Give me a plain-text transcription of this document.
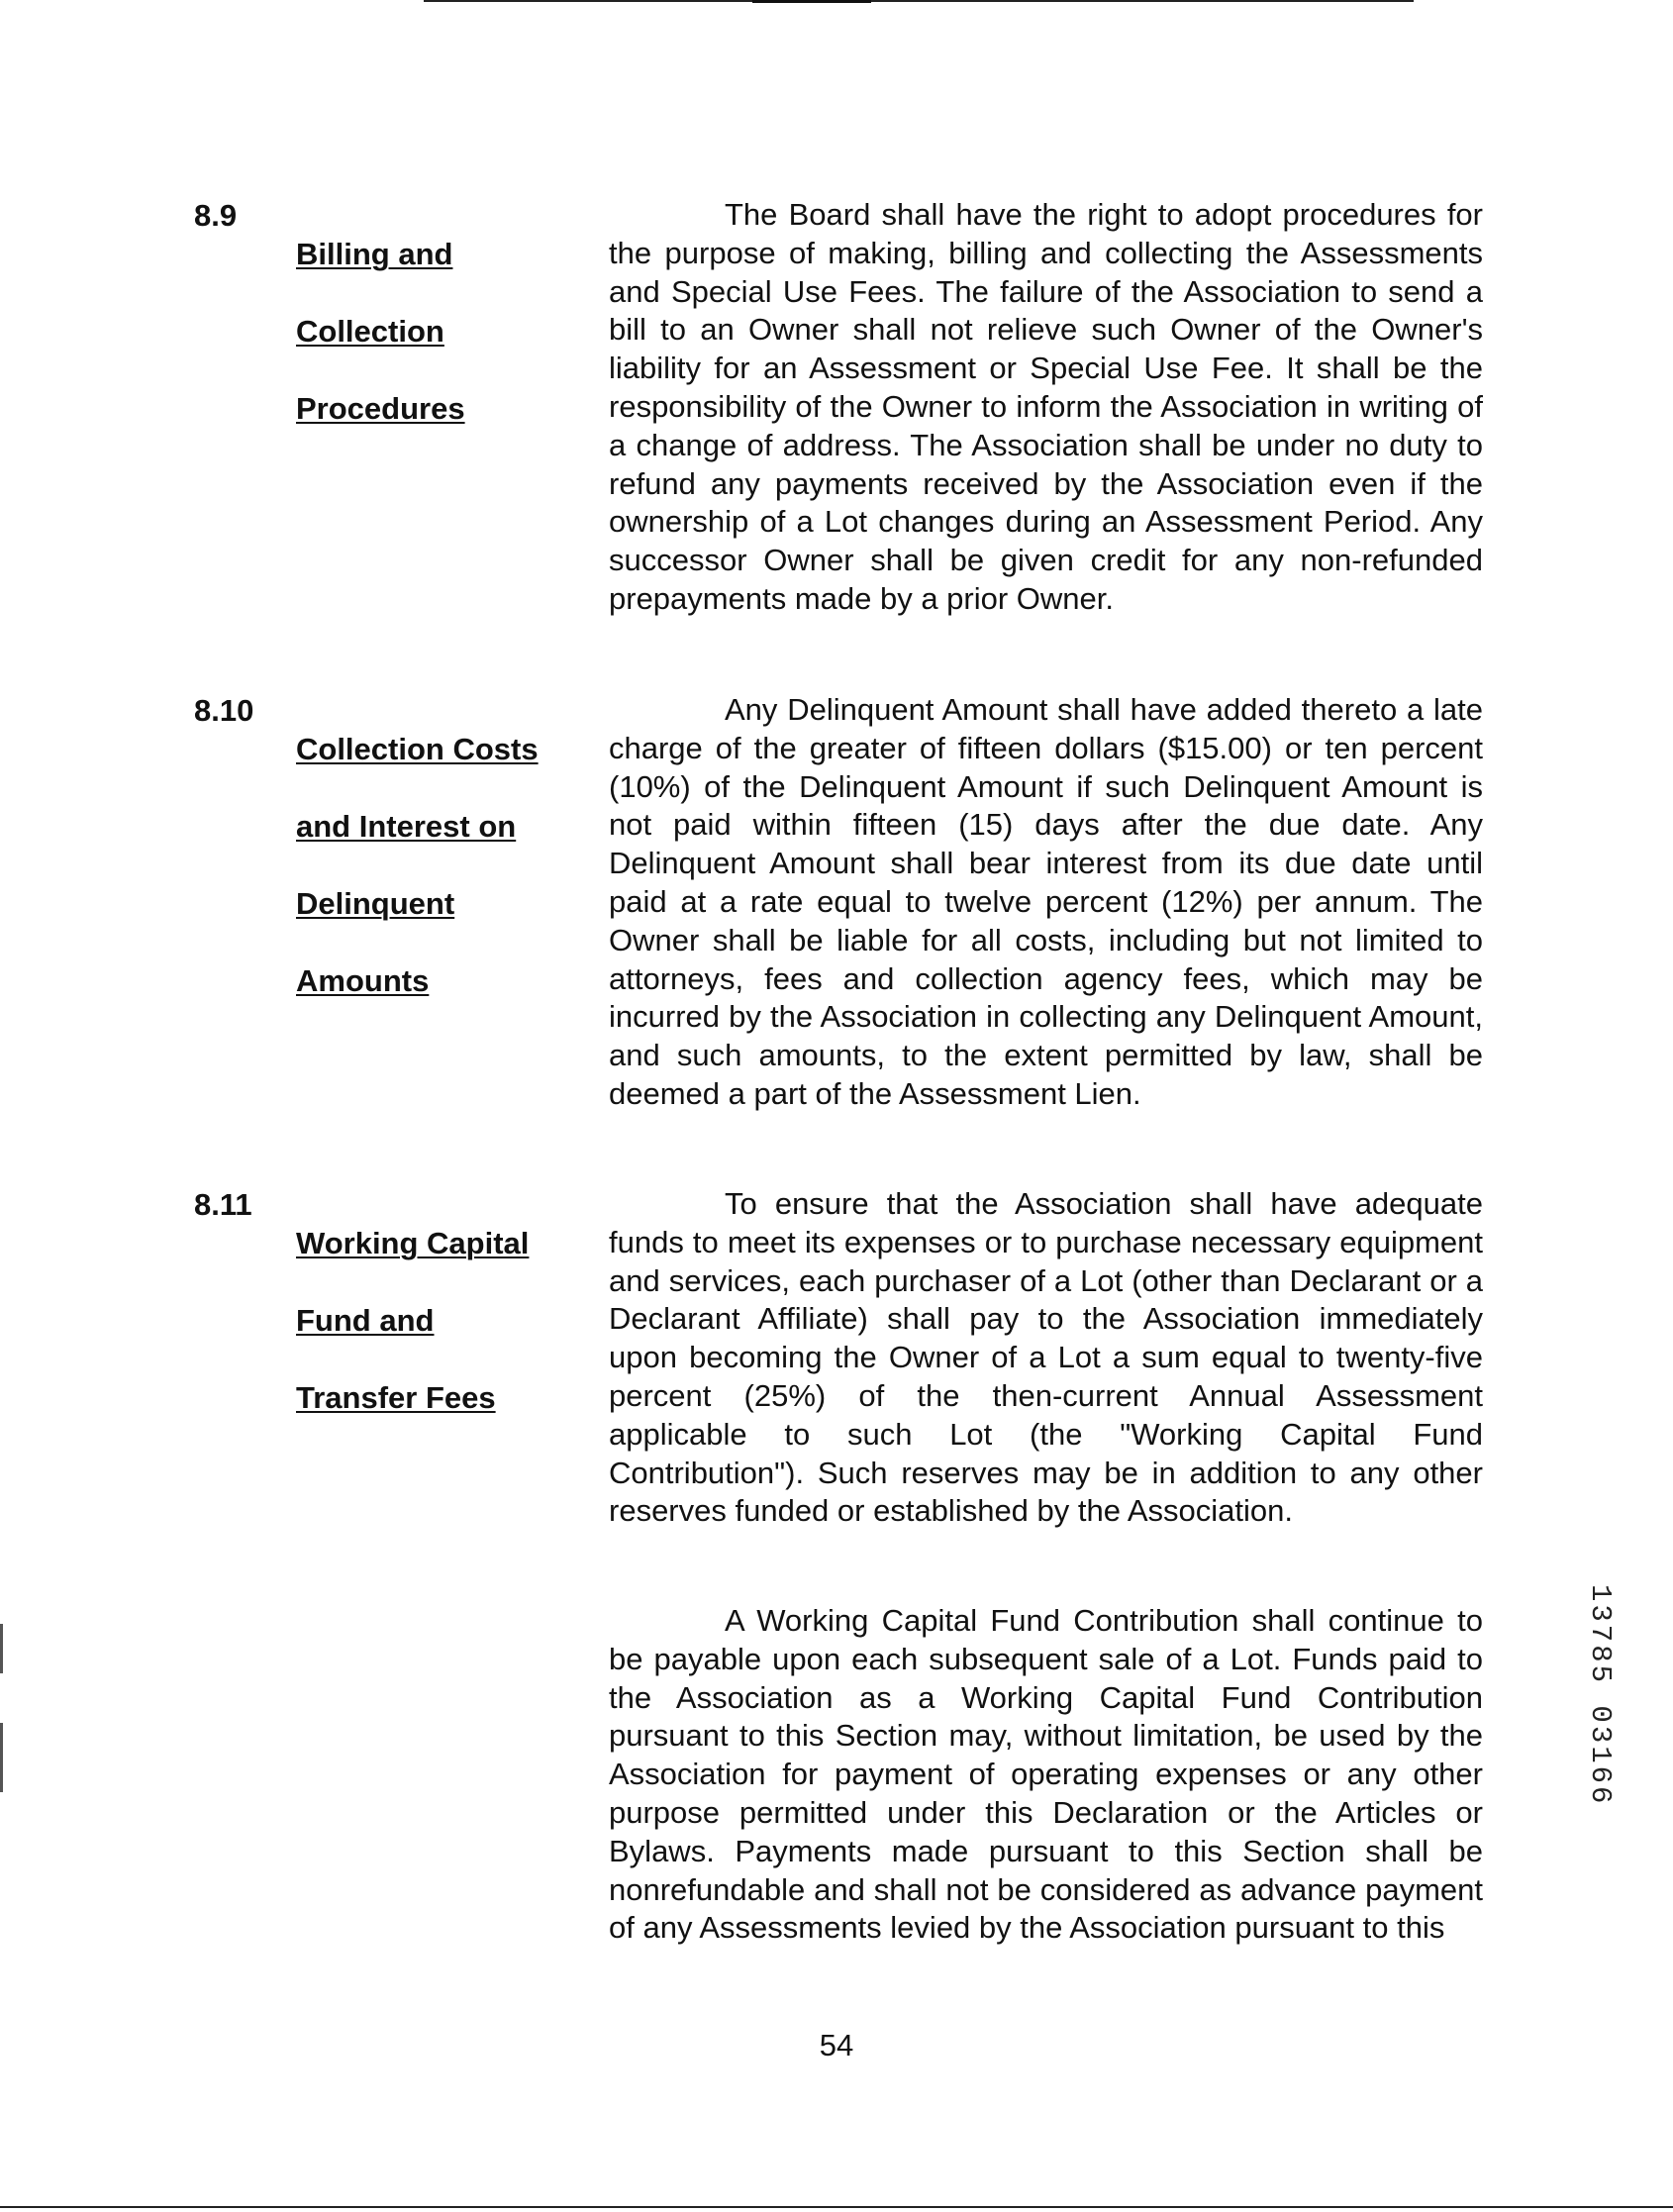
8.9

Billing and

Collection

Procedures

The Board shall have the right to adopt procedures for the purpose of making, billing and collecting the Assessments and Special Use Fees. The failure of the Association to send a bill to an Owner shall not relieve such Owner of the Owner's liability for an Assessment or Special Use Fee. It shall be the responsibility of the Owner to inform the Association in writing of a change of address. The Association shall be under no duty to refund any payments received by the Association even if the ownership of a Lot changes during an Assessment Period. Any successor Owner shall be given credit for any non-refunded prepayments made by a prior Owner.

8.10

Collection Costs

and Interest on

Delinquent

Amounts

Any Delinquent Amount shall have added thereto a late charge of the greater of fifteen dollars ($15.00) or ten percent (10%) of the Delinquent Amount if such Delinquent Amount is not paid within fifteen (15) days after the due date. Any Delinquent Amount shall bear interest from its due date until paid at a rate equal to twelve percent (12%) per annum. The Owner shall be liable for all costs, including but not limited to attorneys, fees and collection agency fees, which may be incurred by the Association in collecting any Delinquent Amount, and such amounts, to the extent permitted by law, shall be deemed a part of the Assessment Lien.

8.11

Working Capital

Fund and

Transfer Fees

To ensure that the Association shall have adequate funds to meet its expenses or to purchase necessary equipment and services, each purchaser of a Lot (other than Declarant or a Declarant Affiliate) shall pay to the Association immediately upon becoming the Owner of a Lot a sum equal to twenty-five percent (25%) of the then-current Annual Assessment applicable to such Lot (the "Working Capital Fund Contribution"). Such reserves may be in addition to any other reserves funded or established by the Association.

A Working Capital Fund Contribution shall continue to be payable upon each subsequent sale of a Lot. Funds paid to the Association as a Working Capital Fund Contribution pursuant to this Section may, without limitation, be used by the Association for payment of operating expenses or any other purpose permitted under this Declaration or the Articles or Bylaws. Payments made pursuant to this Section shall be nonrefundable and shall not be considered as advance payment of any Assessments levied by the Association pursuant to this

54
13785 03166
